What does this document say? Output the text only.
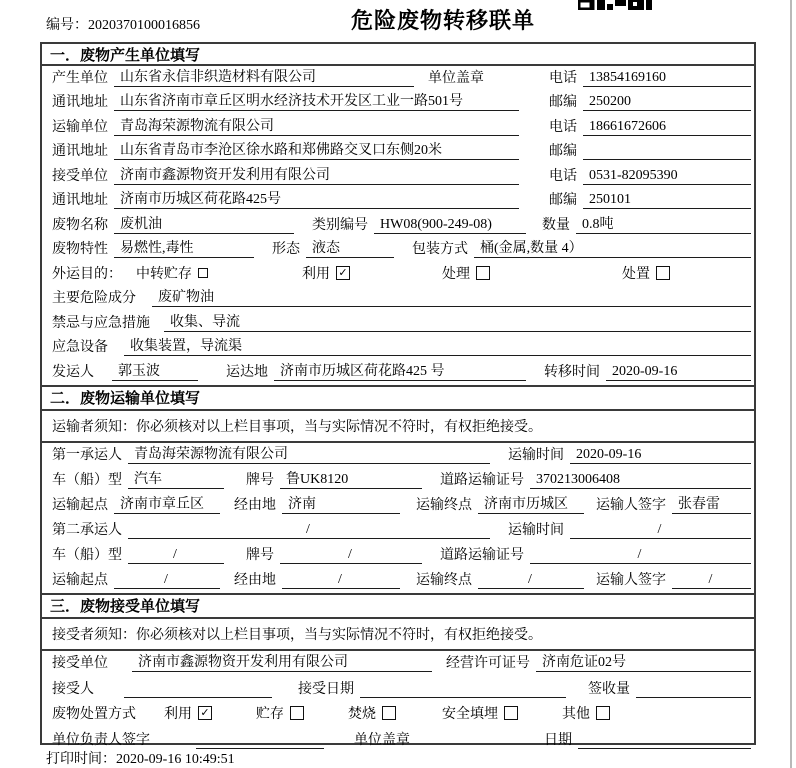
编号：2020370100016856	危险废物转移联单
一．废物产生单位填写
产生单位 山东省永信非织造材料有限公司	单位盖章	电话 13854169160
通讯地址 山东省济南市章丘区明水经济技术开发区工业一路501号	邮编 250200
运输单位 青岛海荣源物流有限公司	电话 18661672606
通讯地址 山东省青岛市李沧区徐水路和郑佛路交叉口东侧20米	邮编
接受单位 济南市鑫源物资开发利用有限公司	电话 0531-82095390
通讯地址 济南市历城区荷花路425号	邮编 250101
废物名称 废机油	类别编号 HW08(900-249-08)	数量 0.8吨
废物特性 易燃性,毒性	形态 液态	包装方式 桶(金属,数量 4）
外运目的： 中转贮存	利用 ✓	处理	处置
主要危险成分	废矿物油
禁忌与应急措施	收集、导流
应急设备	收集装置，导流渠
发运人	郭玉波	运达地 济南市历城区荷花路425 号	转移时间 2020-09-16
二．废物运输单位填写
运输者须知：你必须核对以上栏目事项，当与实际情况不符时，有权拒绝接受。
第一承运人 青岛海荣源物流有限公司	运输时间 2020-09-16
车（船）型 汽车	牌号 鲁UK8120	道路运输证号 370213006408
运输起点 济南市章丘区	经由地 济南	运输终点 济南市历城区	运输人签字 张春雷
第二承运人	/	运输时间	/
车（船）型	/	牌号	/	道路运输证号	/
运输起点	/	经由地	/	运输终点	/	运输人签字	/
三．废物接受单位填写
接受者须知：你必须核对以上栏目事项，当与实际情况不符时，有权拒绝接受。
接受单位	济南市鑫源物资开发利用有限公司	经营许可证号 济南危证02号
接受人	接受日期	签收量
废物处置方式 利用 ✓	贮存	焚烧	安全填埋	其他
单位负责人签字	单位盖章	日期
打印时间：2020-09-16 10:49:51
